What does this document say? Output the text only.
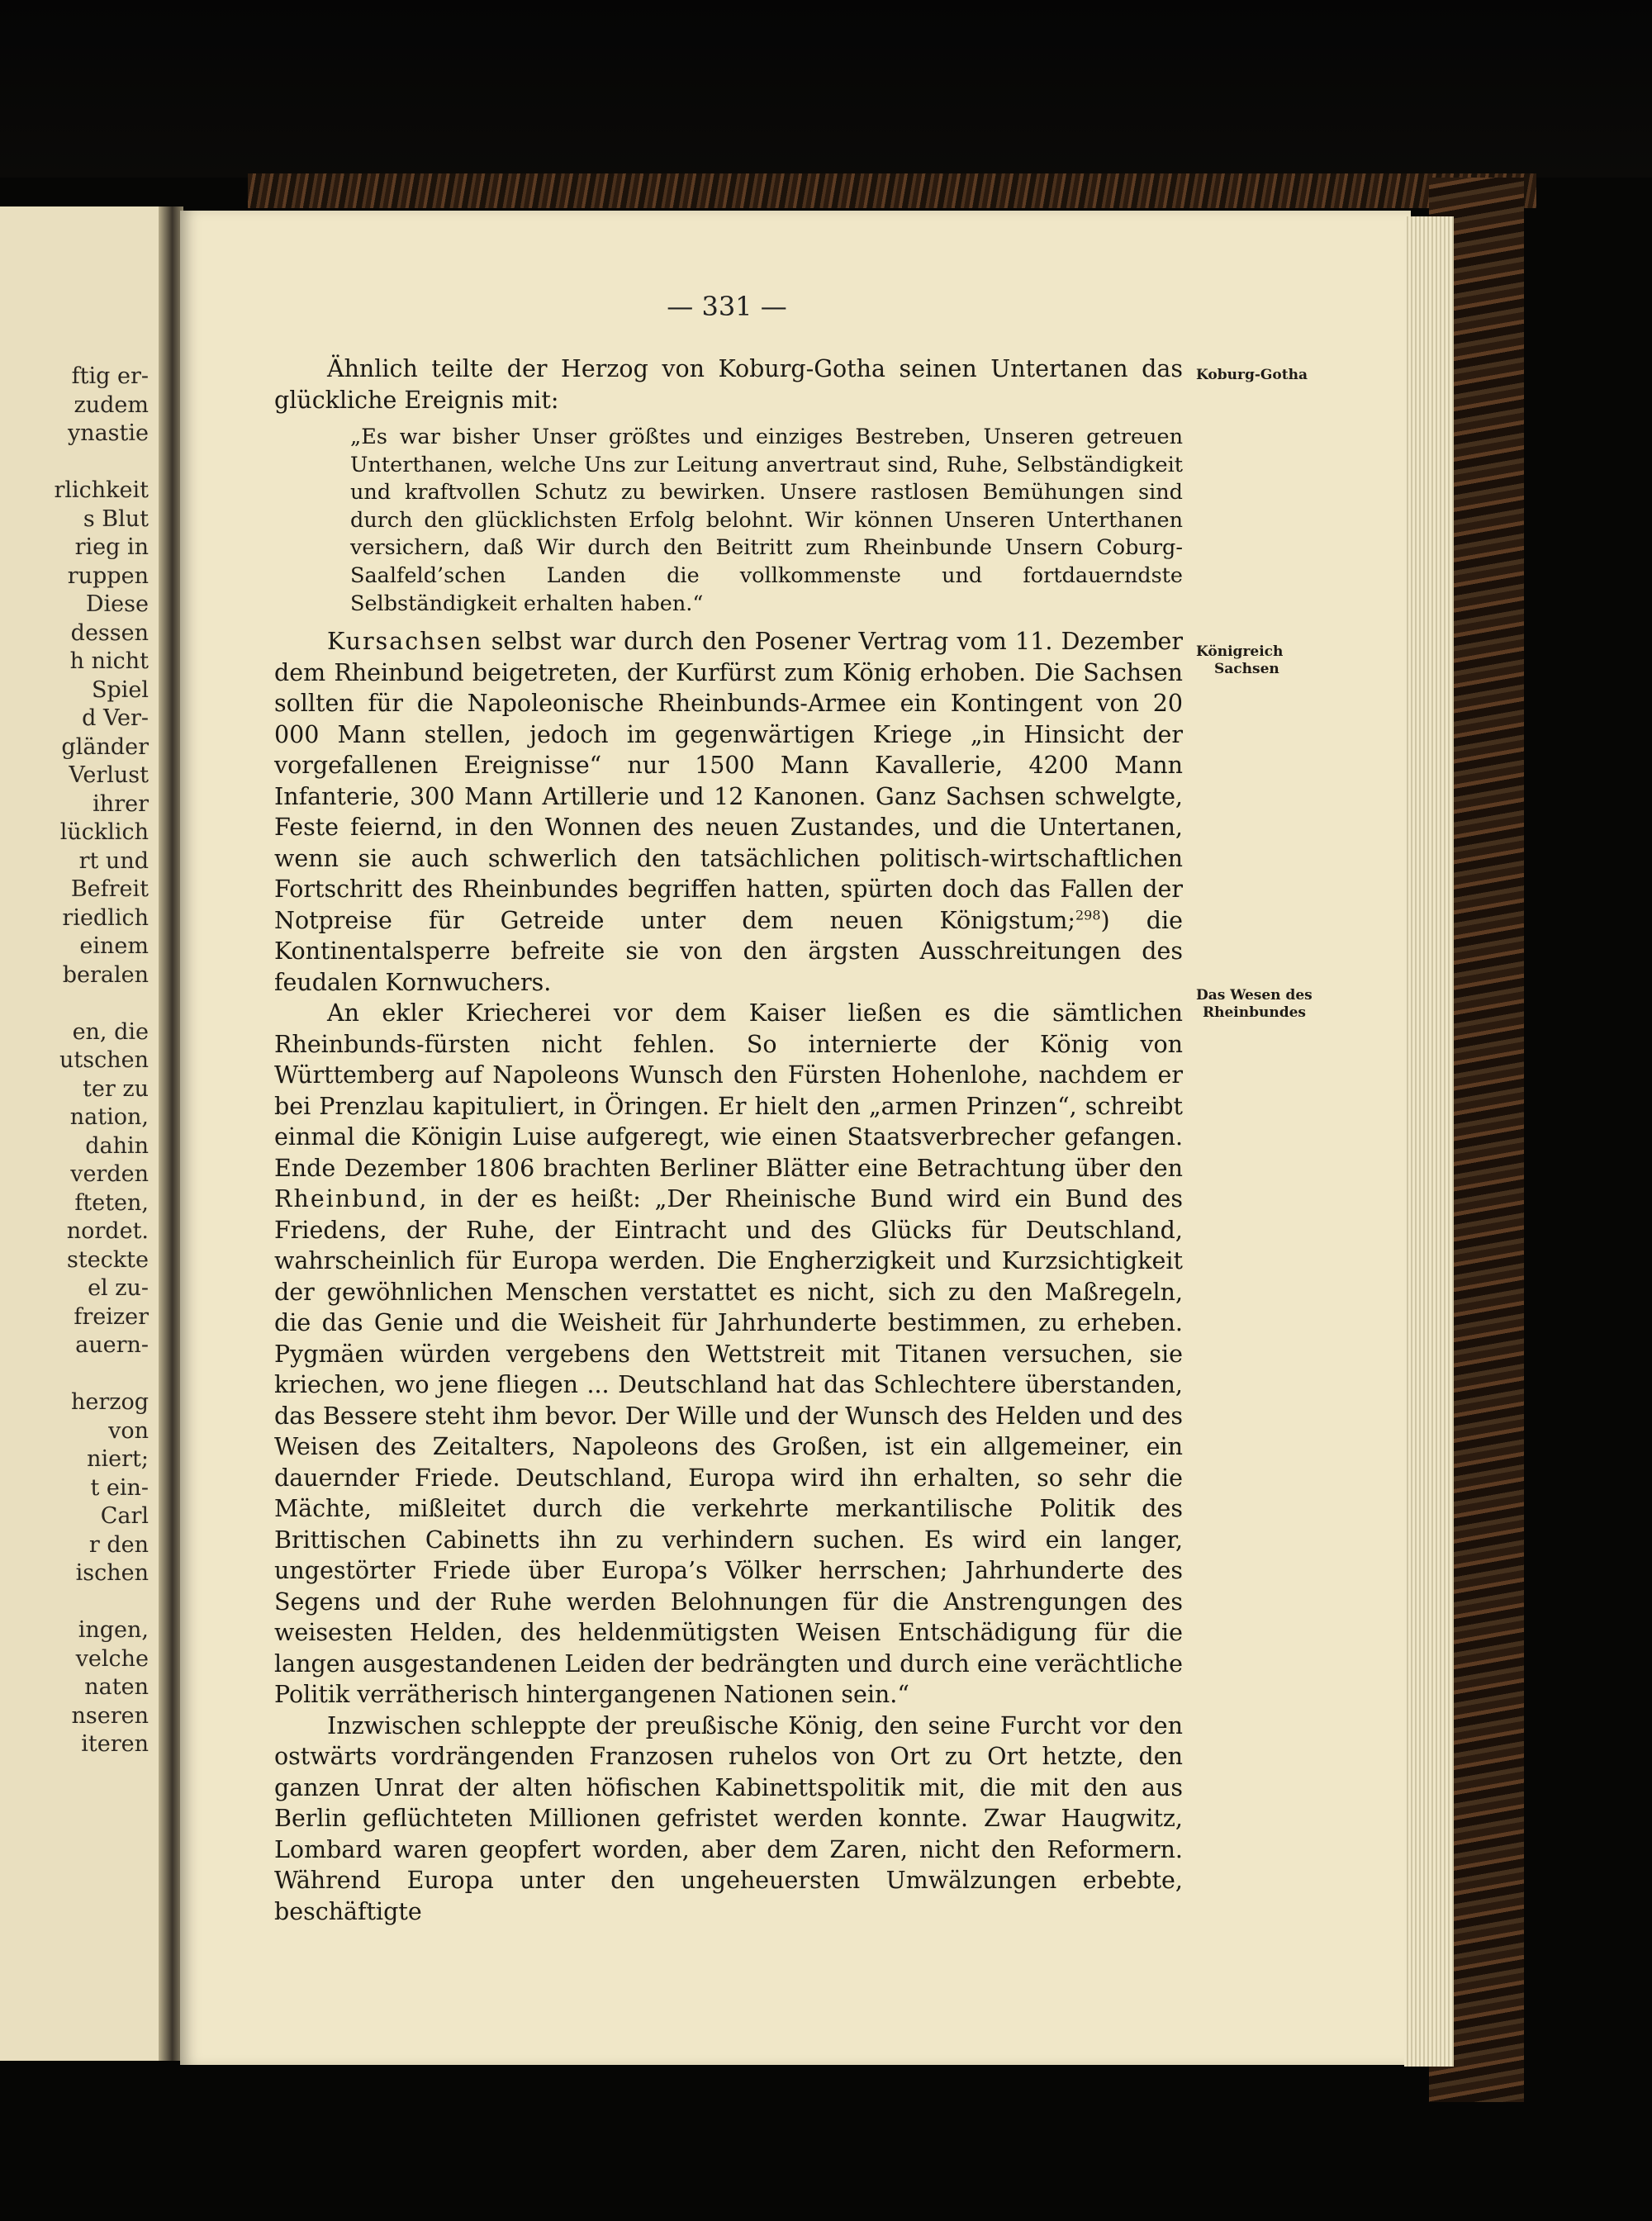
ftig er-
zudem
ynastie
rlichkeit
s Blut
rieg in
ruppen
Diese
dessen
h nicht
Spiel
d Ver-
gländer
Verlust
ihrer
lücklich
rt und
Befreit
riedlich
einem
beralen
en, die
utschen
ter zu
nation,
dahin
verden
fteten,
nordet.
steckte
el zu-
freizer
auern-
herzog
von
niert;
t ein-
Carl
r den
ischen
ingen,
velche
naten
nseren
iteren
— 331 —
Koburg-Gotha
Königreich
Sachsen
Das Wesen des
Rheinbundes

Ähnlich teilte der Herzog von Koburg-Gotha seinen Untertanen das glückliche Ereignis mit:

„Es war bisher Unser größtes und einziges Bestreben, Unseren getreuen Unterthanen, welche Uns zur Leitung anvertraut sind, Ruhe, Selbständigkeit und kraftvollen Schutz zu bewirken. Unsere rastlosen Bemühungen sind durch den glücklichsten Erfolg belohnt. Wir können Unseren Unterthanen versichern, daß Wir durch den Beitritt zum Rheinbunde Unsern Coburg-Saalfeld’schen Landen die vollkommenste und fortdauerndste Selbständigkeit erhalten haben.“

Kursachsen selbst war durch den Posener Vertrag vom 11. Dezember dem Rheinbund beigetreten, der Kurfürst zum König erhoben. Die Sachsen sollten für die Napoleonische Rheinbunds-Armee ein Kontingent von 20 000 Mann stellen, jedoch im gegenwärtigen Kriege „in Hinsicht der vorgefallenen Ereignisse“ nur 1500 Mann Kavallerie, 4200 Mann Infanterie, 300 Mann Artillerie und 12 Kanonen. Ganz Sachsen schwelgte, Feste feiernd, in den Wonnen des neuen Zustandes, und die Untertanen, wenn sie auch schwerlich den tatsächlichen politisch-wirtschaftlichen Fortschritt des Rheinbundes begriffen hatten, spürten doch das Fallen der Notpreise für Getreide unter dem neuen Königstum;$^{298}$) die Kontinentalsperre befreite sie von den ärgsten Ausschreitungen des feudalen Kornwuchers.

An ekler Kriecherei vor dem Kaiser ließen es die sämtlichen Rheinbunds-fürsten nicht fehlen. So internierte der König von Württemberg auf Napoleons Wunsch den Fürsten Hohenlohe, nachdem er bei Prenzlau kapituliert, in Öringen. Er hielt den „armen Prinzen“, schreibt einmal die Königin Luise aufgeregt, wie einen Staatsverbrecher gefangen. Ende Dezember 1806 brachten Berliner Blätter eine Betrachtung über den Rheinbund, in der es heißt: „Der Rheinische Bund wird ein Bund des Friedens, der Ruhe, der Eintracht und des Glücks für Deutschland, wahrscheinlich für Europa werden. Die Engherzigkeit und Kurzsichtigkeit der gewöhnlichen Menschen verstattet es nicht, sich zu den Maßregeln, die das Genie und die Weisheit für Jahrhunderte bestimmen, zu erheben. Pygmäen würden vergebens den Wettstreit mit Titanen versuchen, sie kriechen, wo jene fliegen ... Deutschland hat das Schlechtere überstanden, das Bessere steht ihm bevor. Der Wille und der Wunsch des Helden und des Weisen des Zeitalters, Napoleons des Großen, ist ein allgemeiner, ein dauernder Friede. Deutschland, Europa wird ihn erhalten, so sehr die Mächte, mißleitet durch die verkehrte merkantilische Politik des Brittischen Cabinetts ihn zu verhindern suchen. Es wird ein langer, ungestörter Friede über Europa’s Völker herrschen; Jahrhunderte des Segens und der Ruhe werden Belohnungen für die Anstrengungen des weisesten Helden, des heldenmütigsten Weisen Entschädigung für die langen ausgestandenen Leiden der bedrängten und durch eine verächtliche Politik verrätherisch hintergangenen Nationen sein.“

Inzwischen schleppte der preußische König, den seine Furcht vor den ostwärts vordrängenden Franzosen ruhelos von Ort zu Ort hetzte, den ganzen Unrat der alten höfischen Kabinettspolitik mit, die mit den aus Berlin geflüchteten Millionen gefristet werden konnte. Zwar Haugwitz, Lombard waren geopfert worden, aber dem Zaren, nicht den Reformern. Während Europa unter den ungeheuersten Umwälzungen erbebte, beschäftigte
